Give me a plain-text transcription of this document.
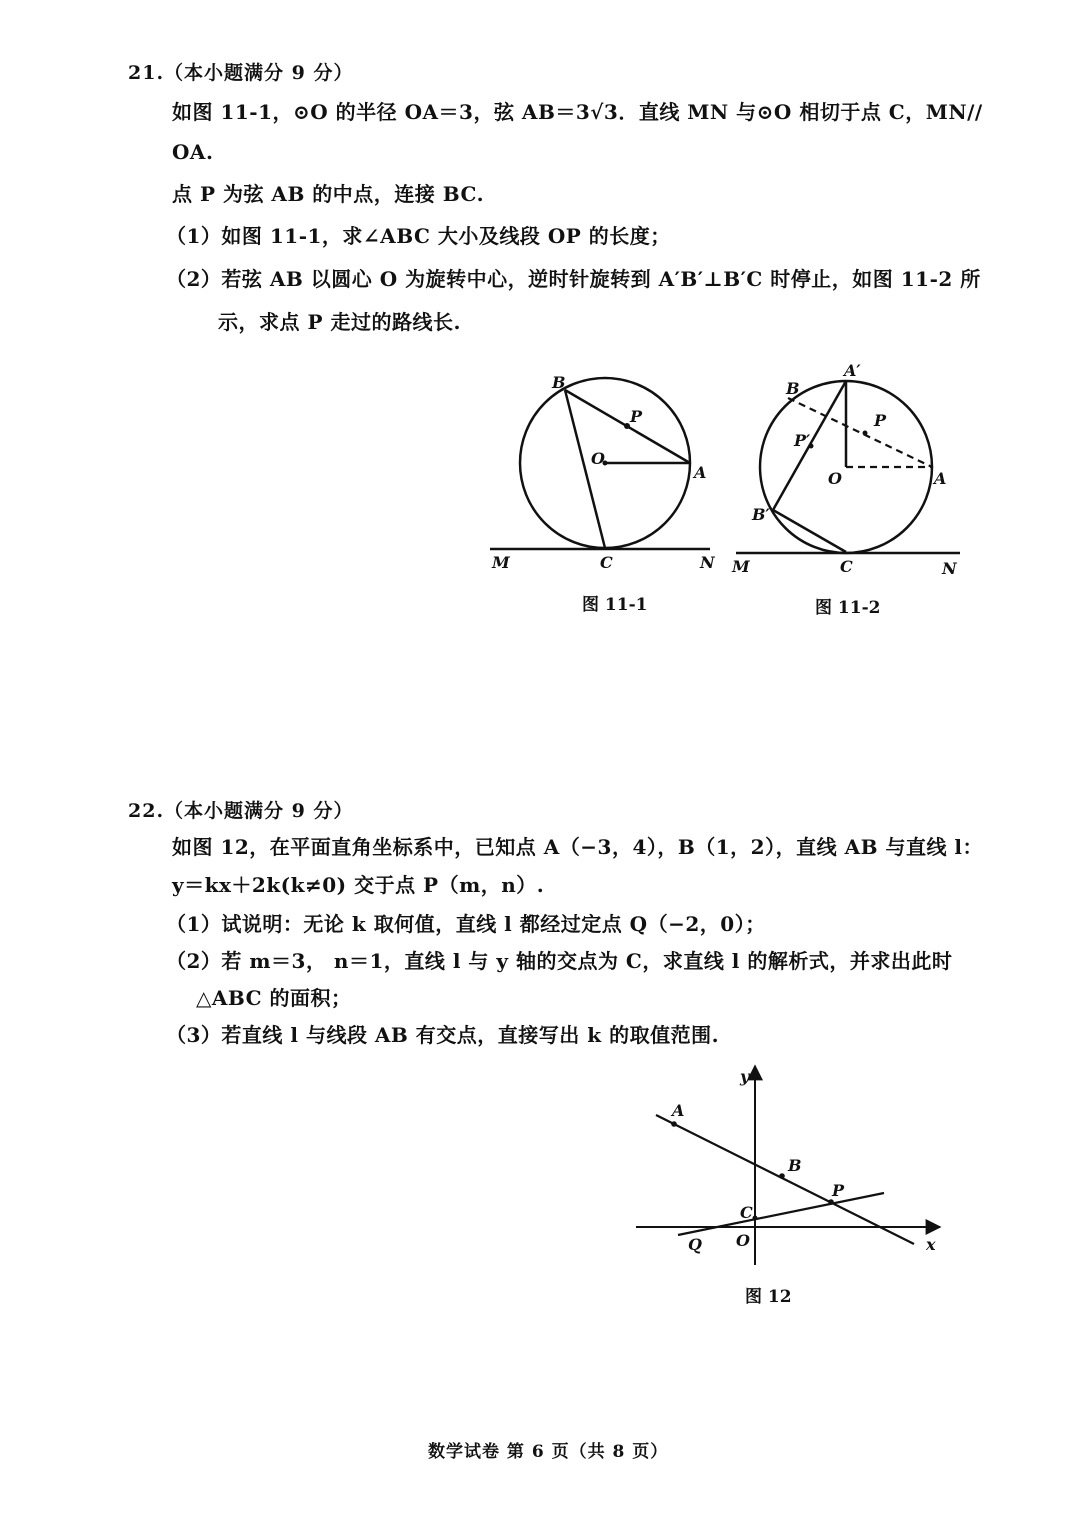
21.（本小题满分 9 分）
如图 11-1，⊙O 的半径 OA＝3，弦 AB＝3√3．直线 MN 与⊙O 相切于点 C，MN//
OA.
点 P 为弦 AB 的中点，连接 BC.
（1）如图 11-1，求∠ABC 大小及线段 OP 的长度；
（2）若弦 AB 以圆心 O 为旋转中心，逆时针旋转到 A′B′⊥B′C 时停止，如图 11-2 所
示，求点 P 走过的路线长.
B
P
O
A
C
M	N
图 11-1
B
A′
P
P′
O	A
B′
C
M	N
图 11-2
22.（本小题满分 9 分）
如图 12，在平面直角坐标系中，已知点 A（−3，4），B（1，2），直线 AB 与直线 l：
y＝kx＋2k(k≠0) 交于点 P（m，n）.
（1）试说明：无论 k 取何值，直线 l 都经过定点 Q（−2，0）；
（2）若 m＝3， n＝1，直线 l 与 y 轴的交点为 C，求直线 l 的解析式，并求出此时
△ABC 的面积；
（3）若直线 l 与线段 AB 有交点，直接写出 k 的取值范围.
y
x
A
B
P
C
Q O
图 12
数学试卷 第 6 页（共 8 页）
